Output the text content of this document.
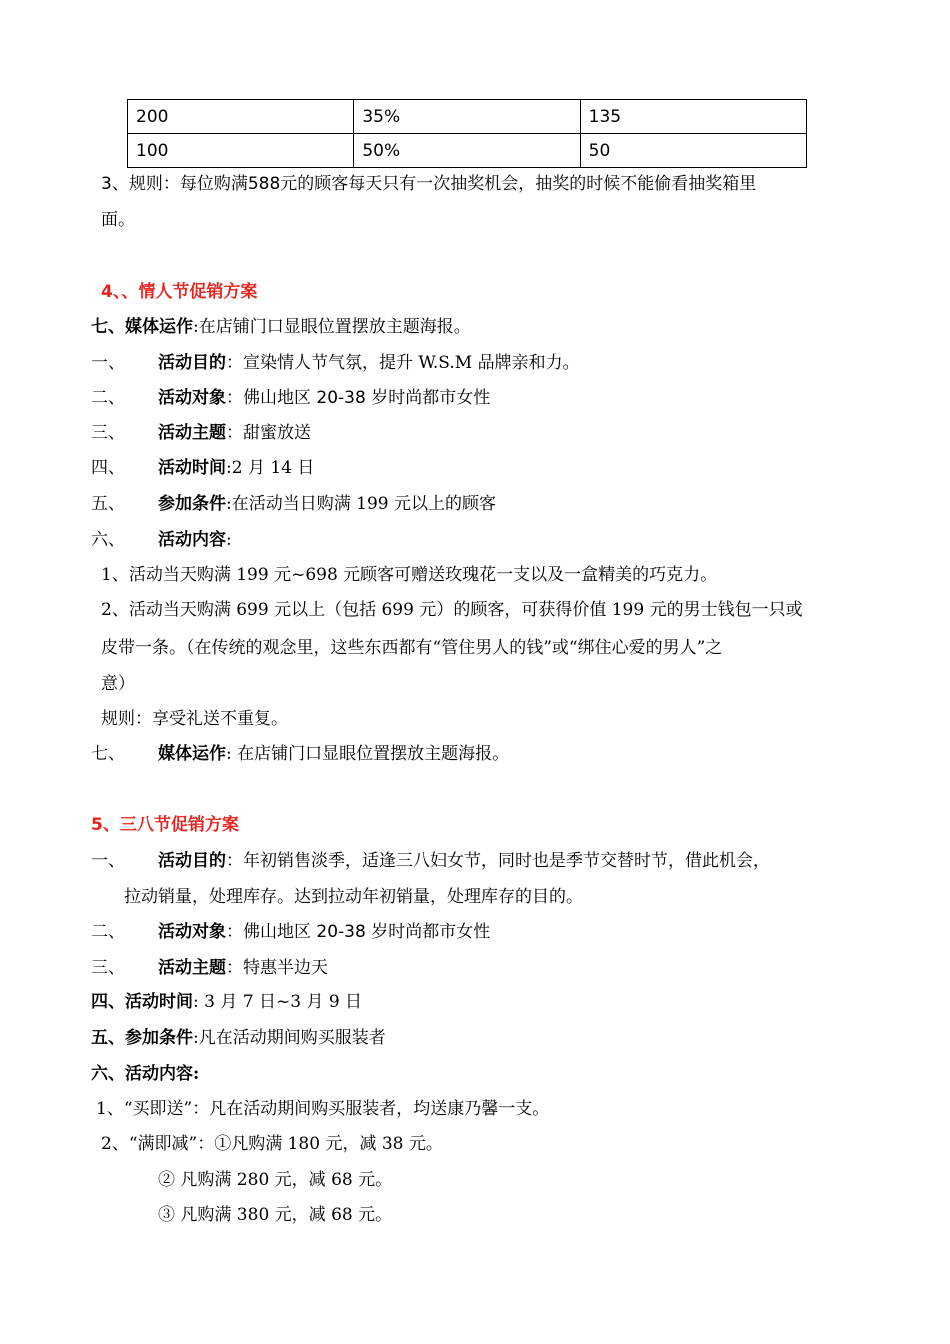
200	35%	135
100	50%	50
3、规则：每位购满588元的顾客每天只有一次抽奖机会，抽奖的时候不能偷看抽奖箱里
面。
4、、情人节促销方案
七、媒体运作:在店铺门口显眼位置摆放主题海报。
一、 活动目的：宣染情人节气氛，提升 W.S.M 品牌亲和力。
二、 活动对象：佛山地区 20-38 岁时尚都市女性
三、 活动主题：甜蜜放送
四、 活动时间:2 月 14 日
五、 参加条件:在活动当日购满 199 元以上的顾客
六、 活动内容:
1、活动当天购满 199 元~698 元顾客可赠送玫瑰花一支以及一盒精美的巧克力。
2、活动当天购满 699 元以上（包括 699 元）的顾客，可获得价值 199 元的男士钱包一只或
皮带一条。（在传统的观念里，这些东西都有“管住男人的钱”或“绑住心爱的男人”之
意）
规则：享受礼送不重复。
七、 媒体运作: 在店铺门口显眼位置摆放主题海报。
5、三八节促销方案
一、 活动目的：年初销售淡季，适逢三八妇女节，同时也是季节交替时节，借此机会，
拉动销量，处理库存。达到拉动年初销量，处理库存的目的。
二、 活动对象：佛山地区 20-38 岁时尚都市女性
三、 活动主题：特惠半边天
四、活动时间: 3 月 7 日~3 月 9 日
五、参加条件:凡在活动期间购买服装者
六、活动内容:
1、“买即送”：凡在活动期间购买服装者，均送康乃馨一支。
2、“满即减”：①凡购满 180 元，减 38 元。
② 凡购满 280 元，减 68 元。
③ 凡购满 380 元，减 68 元。
